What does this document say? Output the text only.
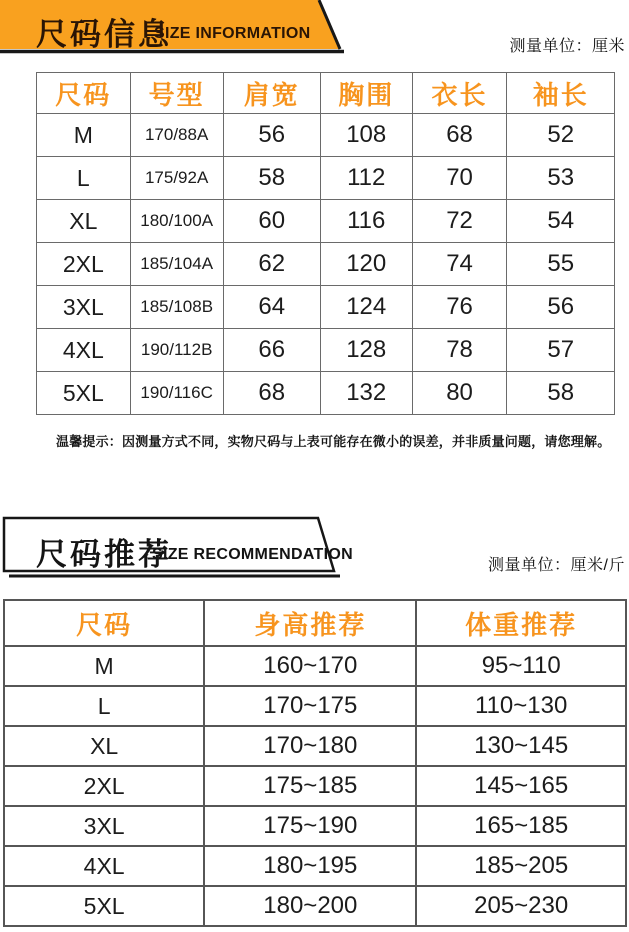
尺码信息
SIZE INFORMATION
测量单位：厘米
尺码	号型	肩宽	胸围	衣长	袖长
M	170/88A	56	108	68	52
L	175/92A	58	112	70	53
XL	180/100A	60	116	72	54
2XL	185/104A	62	120	74	55
3XL	185/108B	64	124	76	56
4XL	190/112B	66	128	78	57
5XL	190/116C	68	132	80	58
温馨提示：因测量方式不同，实物尺码与上表可能存在微小的误差，并非质量问题，请您理解。
尺码推荐
SIZE RECOMMENDATION
测量单位：厘米/斤
尺码	身高推荐	体重推荐
M	160~170	95~110
L	170~175	110~130
XL	170~180	130~145
2XL	175~185	145~165
3XL	175~190	165~185
4XL	180~195	185~205
5XL	180~200	205~230
